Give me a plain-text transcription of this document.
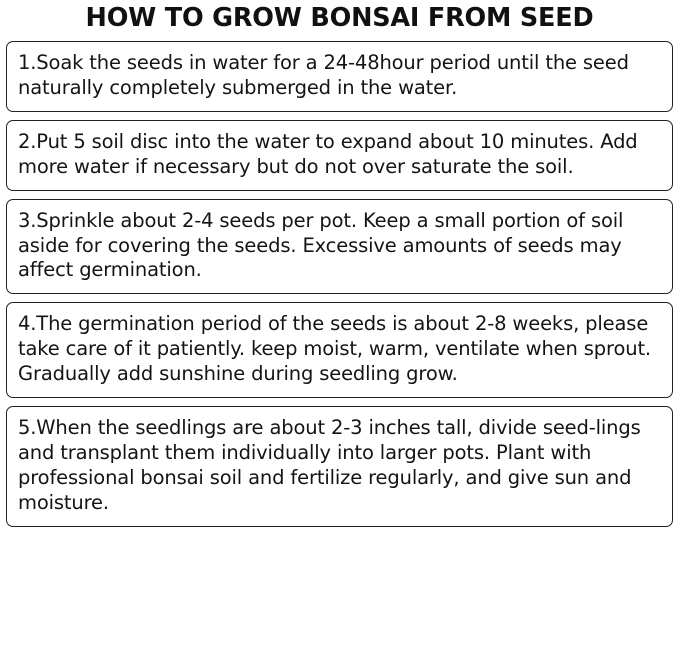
HOW TO GROW BONSAI FROM SEED

1.Soak the seeds in water for a 24-48hour period until the seed naturally completely submerged in the water.

2.Put 5 soil disc into the water to expand about 10 minutes. Add more water if necessary but do not over saturate the soil.

3.Sprinkle about 2-4 seeds per pot. Keep a small portion of soil aside for covering the seeds. Excessive amounts of seeds may affect germination.

4.The germination period of the seeds is about 2-8 weeks, please take care of it patiently. keep moist, warm, ventilate when sprout. Gradually add sunshine during seedling grow.

5.When the seedlings are about 2-3 inches tall, divide seed-lings and transplant them individually into larger pots. Plant with professional bonsai soil and fertilize regularly, and give sun and moisture.
